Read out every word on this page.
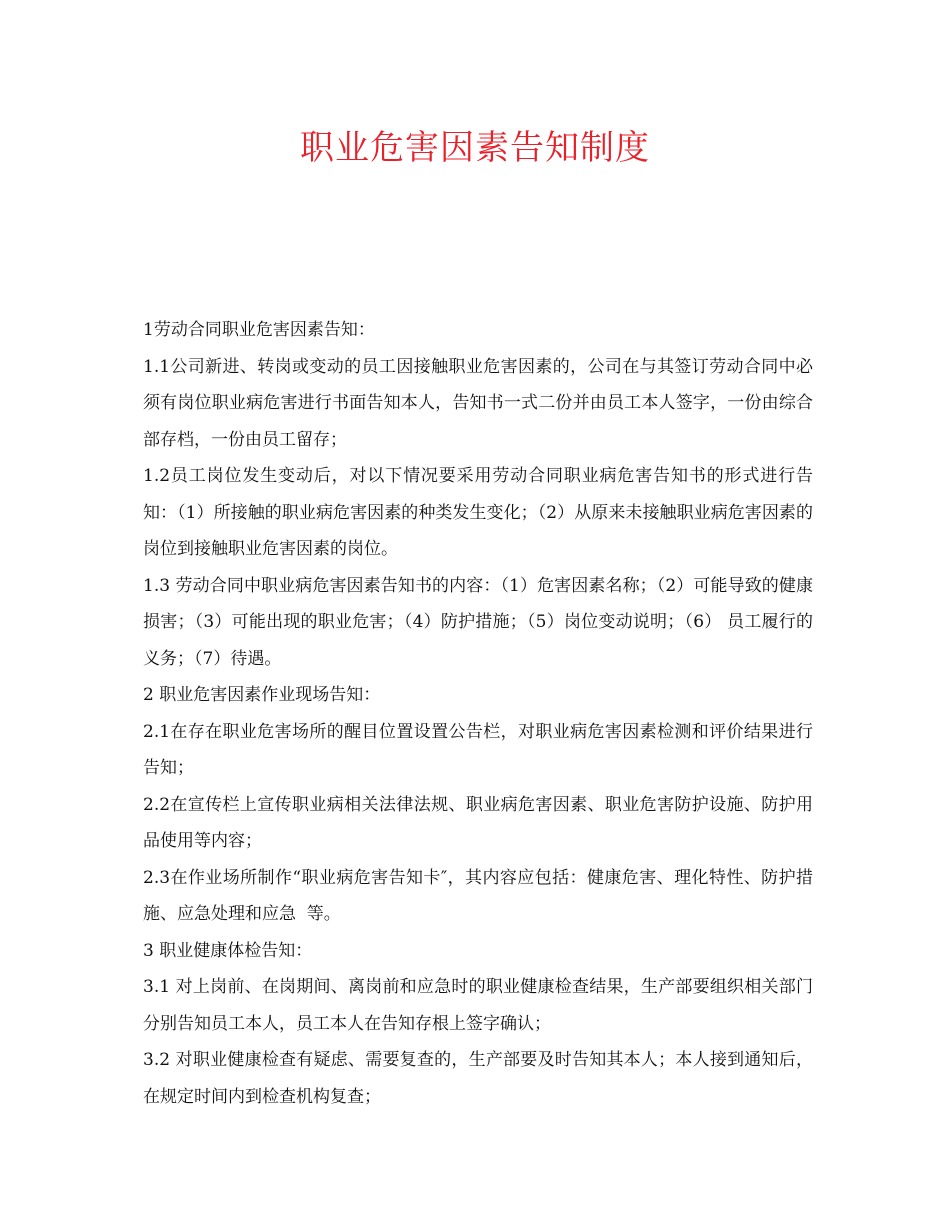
职业危害因素告知制度

1劳动合同职业危害因素告知：

1.1公司新进、转岗或变动的员工因接触职业危害因素的，公司在与其签订劳动合同中必须有岗位职业病危害进行书面告知本人，告知书一式二份并由员工本人签字，一份由综合部存档，一份由员工留存；

1.2员工岗位发生变动后，对以下情况要采用劳动合同职业病危害告知书的形式进行告知：（1）所接触的职业病危害因素的种类发生变化；（2）从原来未接触职业病危害因素的岗位到接触职业危害因素的岗位。

1.3 劳动合同中职业病危害因素告知书的内容：（1）危害因素名称；（2）可能导致的健康损害；（3）可能出现的职业危害；（4）防护措施；（5）岗位变动说明；（6） 员工履行的义务；（7）待遇。

2 职业危害因素作业现场告知：

2.1在存在职业危害场所的醒目位置设置公告栏，对职业病危害因素检测和评价结果进行告知；

2.2在宣传栏上宣传职业病相关法律法规、职业病危害因素、职业危害防护设施、防护用品使用等内容；

2.3在作业场所制作“职业病危害告知卡″，其内容应包括：健康危害、理化特性、防护措施、应急处理和应急  等。

3 职业健康体检告知：

3.1 对上岗前、在岗期间、离岗前和应急时的职业健康检查结果，生产部要组织相关部门分别告知员工本人，员工本人在告知存根上签字确认；

3.2 对职业健康检查有疑虑、需要复查的，生产部要及时告知其本人；本人接到通知后，在规定时间内到检查机构复查；
